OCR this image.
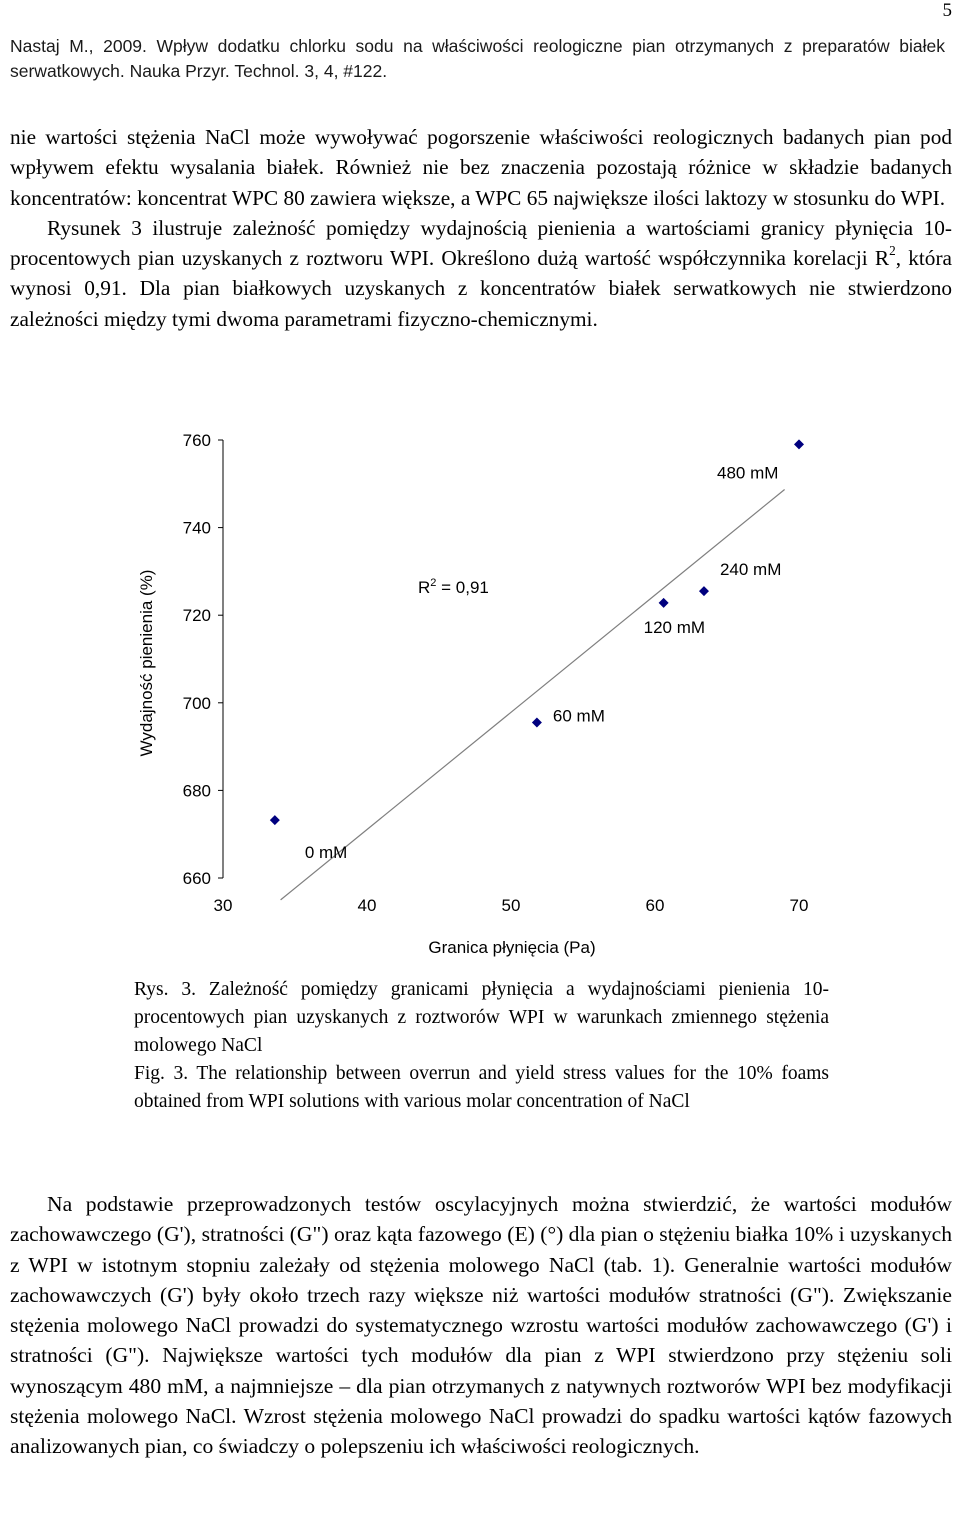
5
Nastaj M., 2009. Wpływ dodatku chlorku sodu na właściwości reologiczne pian otrzymanych z preparatów białek serwatkowych. Nauka Przyr. Technol. 3, 4, #122.

nie wartości stężenia NaCl może wywoływać pogorszenie właściwości reologicznych badanych pian pod wpływem efektu wysalania białek. Również nie bez znaczenia pozostają różnice w składzie badanych koncentratów: koncentrat WPC 80 zawiera większe, a WPC 65 największe ilości laktozy w stosunku do WPI.

Rysunek 3 ilustruje zależność pomiędzy wydajnością pienienia a wartościami granicy płynięcia 10-procentowych pian uzyskanych z roztworu WPI. Określono dużą wartość współczynnika korelacji $R^2$, która wynosi 0,91. Dla pian białkowych uzyskanych z koncentratów białek serwatkowych nie stwierdzono zależności między tymi dwoma parametrami fizyczno-chemicznymi.

660
680
700
720
740
760
30	40	50	60	70
0 mM
60 mM
120 mM
240 mM
480 mM
$R^2 = 0,91$
Granica płynięcia (Pa)
Wydajność pienienia (%)

Rys. 3. Zależność pomiędzy granicami płynięcia a wydajnościami pienienia 10-procentowych pian uzyskanych z roztworów WPI w warunkach zmiennego stężenia molowego NaCl

Fig. 3. The relationship between overrun and yield stress values for the 10% foams obtained from WPI solutions with various molar concentration of NaCl

Na podstawie przeprowadzonych testów oscylacyjnych można stwierdzić, że wartości modułów zachowawczego (G'), stratności (G") oraz kąta fazowego (E) (°) dla pian o stężeniu białka 10% i uzyskanych z WPI w istotnym stopniu zależały od stężenia molowego NaCl (tab. 1). Generalnie wartości modułów zachowawczych (G') były około trzech razy większe niż wartości modułów stratności (G"). Zwiększanie stężenia molowego NaCl prowadzi do systematycznego wzrostu wartości modułów zachowawczego (G') i stratności (G"). Największe wartości tych modułów dla pian z WPI stwierdzono przy stężeniu soli wynoszącym 480 mM, a najmniejsze – dla pian otrzymanych z natywnych roztworów WPI bez modyfikacji stężenia molowego NaCl. Wzrost stężenia molowego NaCl prowadzi do spadku wartości kątów fazowych analizowanych pian, co świadczy o polepszeniu ich właściwości reologicznych.
